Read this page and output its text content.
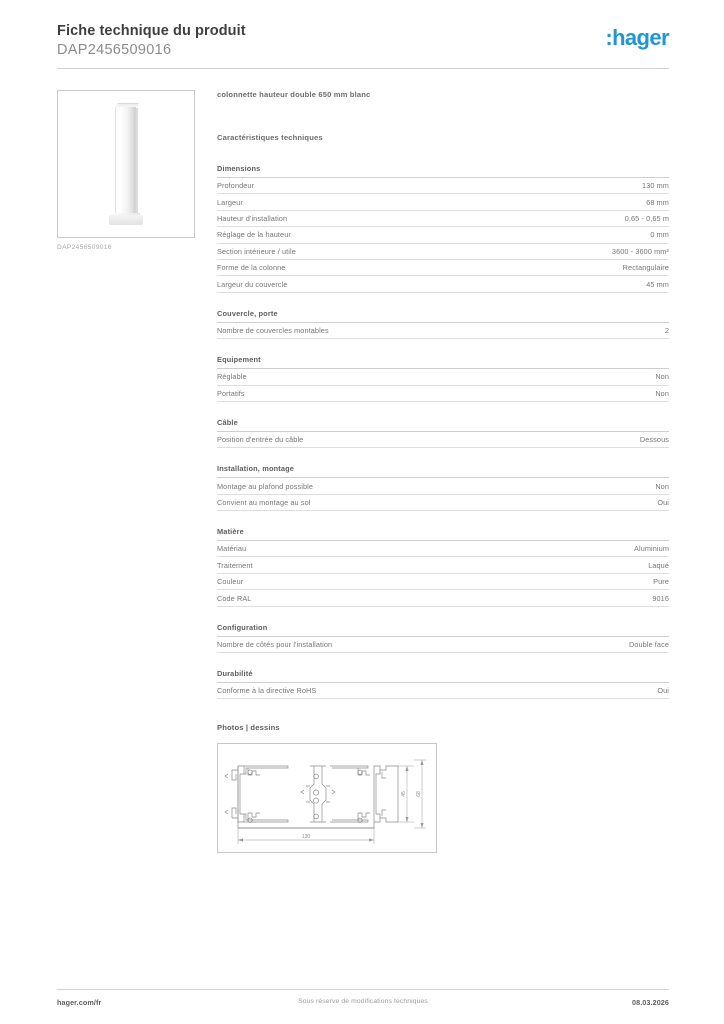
Fiche technique du produit
DAP2456509016
:hager
DAP2456509016
colonnette hauteur double 650 mm blanc
Caractéristiques techniques
Dimensions
Profondeur	130 mm
Largeur	68 mm
Hauteur d'installation	0,65 - 0,65 m
Réglage de la hauteur	0 mm
Section intérieure / utile	3600 - 3600 mm²
Forme de la colonne	Rectangulaire
Largeur du couvercle	45 mm
Couvercle, porte
Nombre de couvercles montables	2
Equipement
Réglable	Non
Portatifs	Non
Câble
Position d'entrée du câble	Dessous
Installation, montage
Montage au plafond possible	Non
Convient au montage au sol	Oui
Matière
Matériau	Aluminium
Traitement	Laqué
Couleur	Pure
Code RAL	9016
Configuration
Nombre de côtés pour l'installation	Double face
Durabilité
Conforme à la directive RoHS	Oui
Photos | dessins
130
45 68
hager.com/fr	Sous réserve de modifications techniques	08.03.2026
